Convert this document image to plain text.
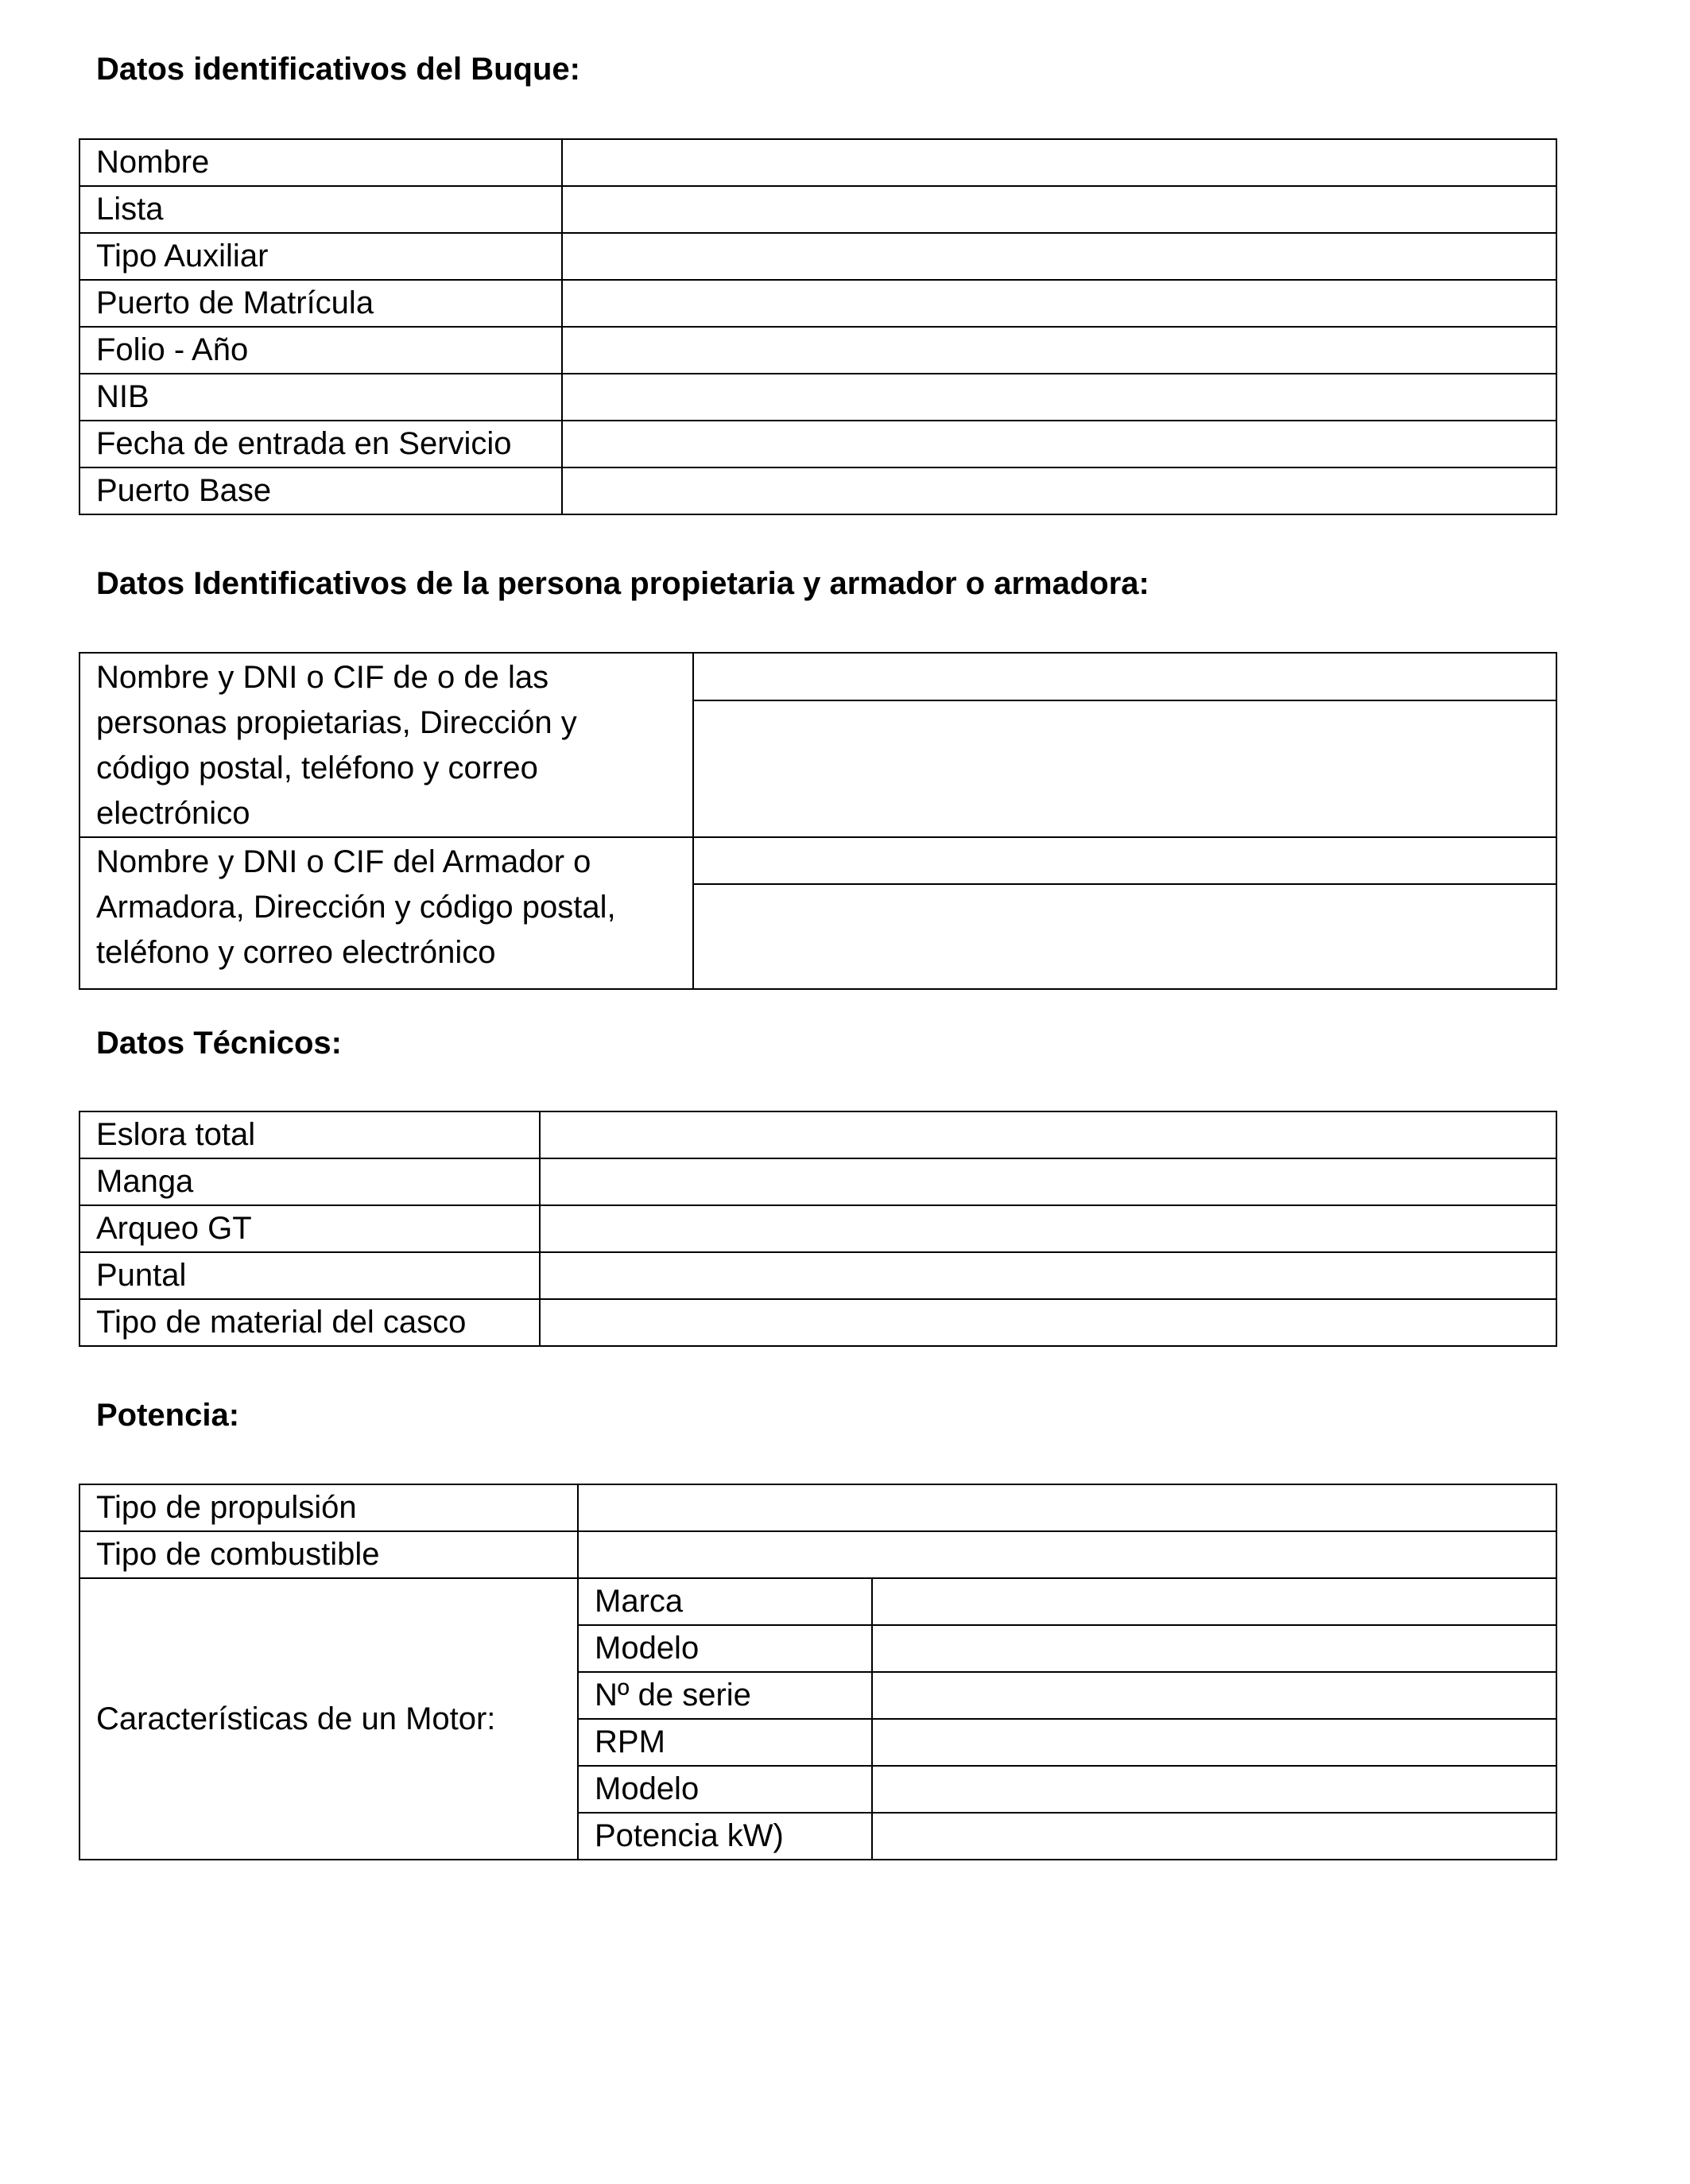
Datos identificativos del Buque:
Nombre	

Lista	

Tipo Auxiliar	

Puerto de Matrícula	

Folio - Año	

NIB	

Fecha de entrada en Servicio	

Puerto Base	
Datos Identificativos de la persona propietaria y armador o armadora:
Nombre y DNI o CIF de o de las
personas propietarias, Dirección y
código postal, teléfono y correo
electrónico

Nombre y DNI o CIF del Armador o
Armadora, Dirección y código postal,
teléfono y correo electrónico

Datos Técnicos:
Eslora total	

Manga	

Arqueo GT	

Puntal	

Tipo de material del casco	
Potencia:
Tipo de propulsión	

Tipo de combustible	

Características de un Motor:	Marca	

	Modelo	

	Nº de serie	

	RPM	

	Modelo	

	Potencia kW)	
